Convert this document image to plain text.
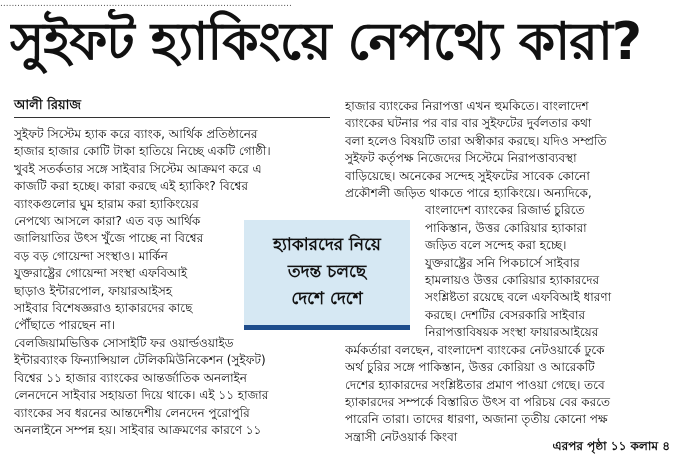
......................................................................................................
সুইফট হ্যাকিংয়ে নেপথ্যে কারা?
আলী রিয়াজ
সুইফট সিস্টেম হ্যাক করে ব্যাংক, আর্থিক প্রতিষ্ঠানের
হাজার হাজার কোটি টাকা হাতিয়ে নিচ্ছে একটি গোষ্ঠী।
খুবই সতর্কতার সঙ্গে সাইবার সিস্টেম আক্রমণ করে এ
কাজটি করা হচ্ছে। কারা করছে এই হ্যাকিং? বিশ্বের
ব্যাংকগুলোর ঘুম হারাম করা হ্যাকিংয়ের
নেপথ্যে আসলে কারা? এত বড় আর্থিক
জালিয়াতির উৎস খুঁজে পাচ্ছে না বিশ্বের
বড় বড় গোয়েন্দা সংস্থাও। মার্কিন
যুক্তরাষ্ট্রের গোয়েন্দা সংস্থা এফবিআই
ছাড়াও ইন্টারপোল, ফায়ারআইসহ
সাইবার বিশেষজ্ঞরাও হ্যাকারদের কাছে
পৌঁছাতে পারছেন না।
বেলজিয়ামভিত্তিক সোসাইটি ফর ওয়ার্ল্ডওয়াইড
ইন্টারব্যাংক ফিন্যান্সিয়াল টেলিকমিউনিকেশন (সুইফট)
বিশ্বের ১১ হাজার ব্যাংকের আন্তর্জাতিক অনলাইন
লেনদেনে সাইবার সহায়তা দিয়ে থাকে। এই ১১ হাজার
ব্যাংকের সব ধরনের আন্তদেশীয় লেনদেন পুরোপুরি
অনলাইনে সম্পন্ন হয়। সাইবার আক্রমণের কারণে ১১
হাজার ব্যাংকের নিরাপত্তা এখন হুমকিতে। বাংলাদেশ
ব্যাংকের ঘটনার পর বার বার সুইফটের দুর্বলতার কথা
বলা হলেও বিষয়টি তারা অস্বীকার করছে। যদিও সম্প্রতি
সুইফট কর্তৃপক্ষ নিজেদের সিস্টেমে নিরাপত্তাব্যবস্থা
বাড়িয়েছে। অনেকের সন্দেহ সুইফটের সাবেক কোনো
প্রকৌশলী জড়িত থাকতে পারে হ্যাকিংয়ে। অন্যদিকে,
বাংলাদেশ ব্যাংকের রিজার্ভ চুরিতে
পাকিস্তান, উত্তর কোরিয়ার হ্যাকারা
জড়িত বলে সন্দেহ করা হচ্ছে।
যুক্তরাষ্ট্রের সনি পিকচার্সে সাইবার
হামলায়ও উত্তর কোরিয়ার হ্যাকারদের
সংশ্লিষ্টতা রয়েছে বলে এফবিআই ধারণা
করছে। দেশটির বেসরকারি সাইবার
নিরাপত্তাবিষয়ক সংস্থা ফায়ারআইয়ের
কর্মকর্তারা বলছেন, বাংলাদেশ ব্যাংকের নেটওয়ার্কে ঢুকে
অর্থ চুরির সঙ্গে পাকিস্তান, উত্তর কোরিয়া ও আরেকটি
দেশের হ্যাকারদের সংশ্লিষ্টতার প্রমাণ পাওয়া গেছে। তবে
হ্যাকারদের সম্পর্কে বিস্তারিত উৎস বা পরিচয় বের করতে
পারেনি তারা। তাদের ধারণা, অজানা তৃতীয় কোনো পক্ষ
সন্ত্রাসী নেটওয়ার্ক কিংবা
হ্যাকারদের নিয়ে
তদন্ত চলছে
দেশে দেশে
এরপর পৃষ্ঠা ১১ কলাম ৪
